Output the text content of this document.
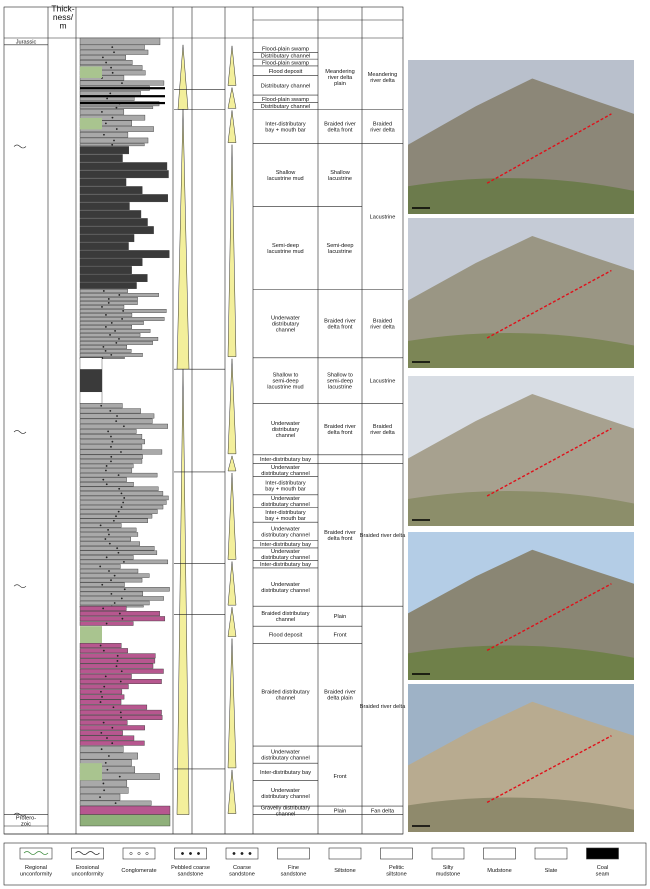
Thick-ness/ m
Jurassic
Protero-zoic
Flood-plain swamp
Distributary channel
Flood-plain swamp
Flood deposit
Distributary channel
Flood-plain swamp
Distributary channel
Inter-distributary bay + mouth bar
Shallow lacustrine mud
Semi-deep lacustrine mud
Underwater distributary channel
Shallow to semi-deep lacustrine mud
Underwater distributary channel
Inter-distributary bay
Underwater distributary channel
Inter-distributary bay + mouth bar
Underwater distributary channel
Inter-distributary bay + mouth bar
Underwater distributary channel
Inter-distributary bay
Underwater distributary channel
Inter-distributary bay
Underwater distributary channel
Braided distributary channel
Flood deposit
Braided distributary channel
Underwater distributary channel
Inter-distributary bay
Underwater distributary channel
Gravelly distributary channel
Meandering river delta plain
Braided river delta front
Shallow lacustrine
Semi-deep lacustrine
Braided river delta front
Shallow to semi-deep lacustrine
Braided river delta front
Braided river delta front
Plain
Front
Braided river delta plain
Front
Plain
Meandering river delta
Braided river delta
Lacustrine
Braided river delta
Lacustrine
Braided river delta
Braided river delta
Braided river delta
Fan delta
Regional unconformity
Erosional unconformity
Conglomerate
Pebbled coarse sandstone
Coarse sandstone
Fine sandstone
Siltstone
Pelitic siltstone
Silty mudstone
Mudstone	Slate
Coal seam
